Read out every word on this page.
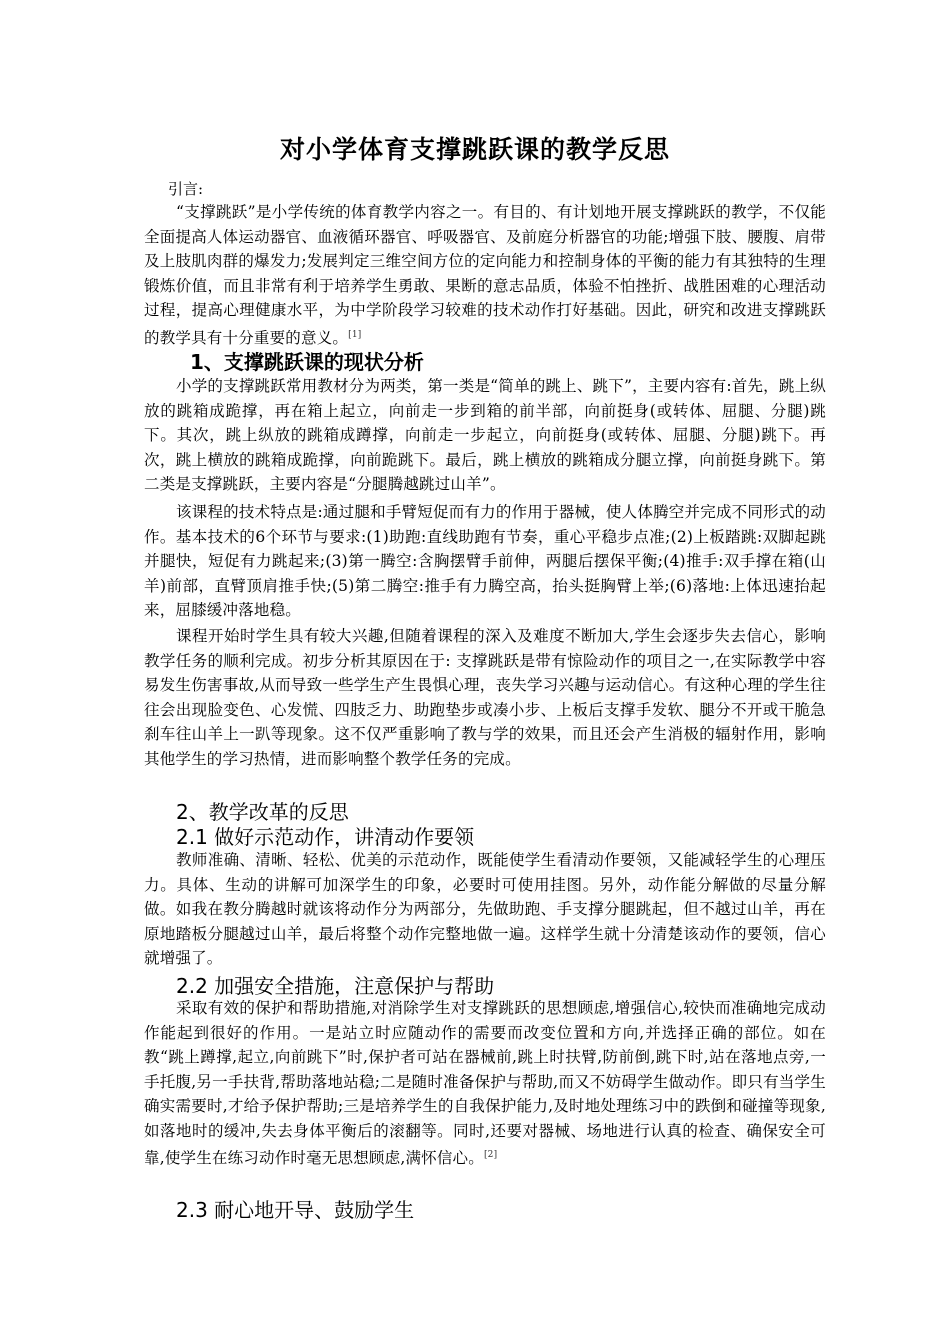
对小学体育支撑跳跃课的教学反思
引言:

“支撑跳跃”是小学传统的体育教学内容之一。有目的、有计划地开展支撑跳跃的教学，不仅能全面提高人体运动器官、血液循环器官、呼吸器官、及前庭分析器官的功能;增强下肢、腰腹、肩带及上肢肌肉群的爆发力;发展判定三维空间方位的定向能力和控制身体的平衡的能力有其独特的生理锻炼价值，而且非常有利于培养学生勇敢、果断的意志品质，体验不怕挫折、战胜困难的心理活动过程，提高心理健康水平，为中学阶段学习较难的技术动作打好基础。因此，研究和改进支撑跳跃的教学具有十分重要的意义。[1]

1、支撑跳跃课的现状分析

小学的支撑跳跃常用教材分为两类，第一类是“简单的跳上、跳下”，主要内容有:首先，跳上纵放的跳箱成跪撑，再在箱上起立，向前走一步到箱的前半部，向前挺身(或转体、屈腿、分腿)跳下。其次，跳上纵放的跳箱成蹲撑，向前走一步起立，向前挺身(或转体、屈腿、分腿)跳下。再次，跳上横放的跳箱成跪撑，向前跪跳下。最后，跳上横放的跳箱成分腿立撑，向前挺身跳下。第二类是支撑跳跃，主要内容是“分腿腾越跳过山羊”。

该课程的技术特点是:通过腿和手臂短促而有力的作用于器械，使人体腾空并完成不同形式的动作。基本技术的6个环节与要求:(1)助跑:直线助跑有节奏，重心平稳步点准;(2)上板踏跳:双脚起跳并腿快，短促有力跳起来;(3)第一腾空:含胸摆臂手前伸，两腿后摆保平衡;(4)推手:双手撑在箱(山羊)前部，直臂顶肩推手快;(5)第二腾空:推手有力腾空高，抬头挺胸臂上举;(6)落地:上体迅速抬起来，屈膝缓冲落地稳。

课程开始时学生具有较大兴趣,但随着课程的深入及难度不断加大,学生会逐步失去信心，影响教学任务的顺利完成。初步分析其原因在于: 支撑跳跃是带有惊险动作的项目之一,在实际教学中容易发生伤害事故,从而导致一些学生产生畏惧心理，丧失学习兴趣与运动信心。有这种心理的学生往往会出现脸变色、心发慌、四肢乏力、助跑垫步或凑小步、上板后支撑手发软、腿分不开或干脆急刹车往山羊上一趴等现象。这不仅严重影响了教与学的效果，而且还会产生消极的辐射作用，影响其他学生的学习热情，进而影响整个教学任务的完成。

2、教学改革的反思
2.1 做好示范动作，讲清动作要领

教师准确、清晰、轻松、优美的示范动作，既能使学生看清动作要领，又能减轻学生的心理压力。具体、生动的讲解可加深学生的印象，必要时可使用挂图。另外，动作能分解做的尽量分解做。如我在教分腾越时就该将动作分为两部分，先做助跑、手支撑分腿跳起，但不越过山羊，再在原地踏板分腿越过山羊，最后将整个动作完整地做一遍。这样学生就十分清楚该动作的要领，信心就增强了。

2.2 加强安全措施，注意保护与帮助

采取有效的保护和帮助措施,对消除学生对支撑跳跃的思想顾虑,增强信心,较快而准确地完成动作能起到很好的作用。一是站立时应随动作的需要而改变位置和方向,并选择正确的部位。如在教“跳上蹲撑,起立,向前跳下”时,保护者可站在器械前,跳上时扶臂,防前倒,跳下时,站在落地点旁,一手托腹,另一手扶背,帮助落地站稳;二是随时准备保护与帮助,而又不妨碍学生做动作。即只有当学生确实需要时,才给予保护帮助;三是培养学生的自我保护能力,及时地处理练习中的跌倒和碰撞等现象,如落地时的缓冲,失去身体平衡后的滚翻等。同时,还要对器械、场地进行认真的检查、确保安全可靠,使学生在练习动作时毫无思想顾虑,满怀信心。[2]

2.3 耐心地开导、鼓励学生
